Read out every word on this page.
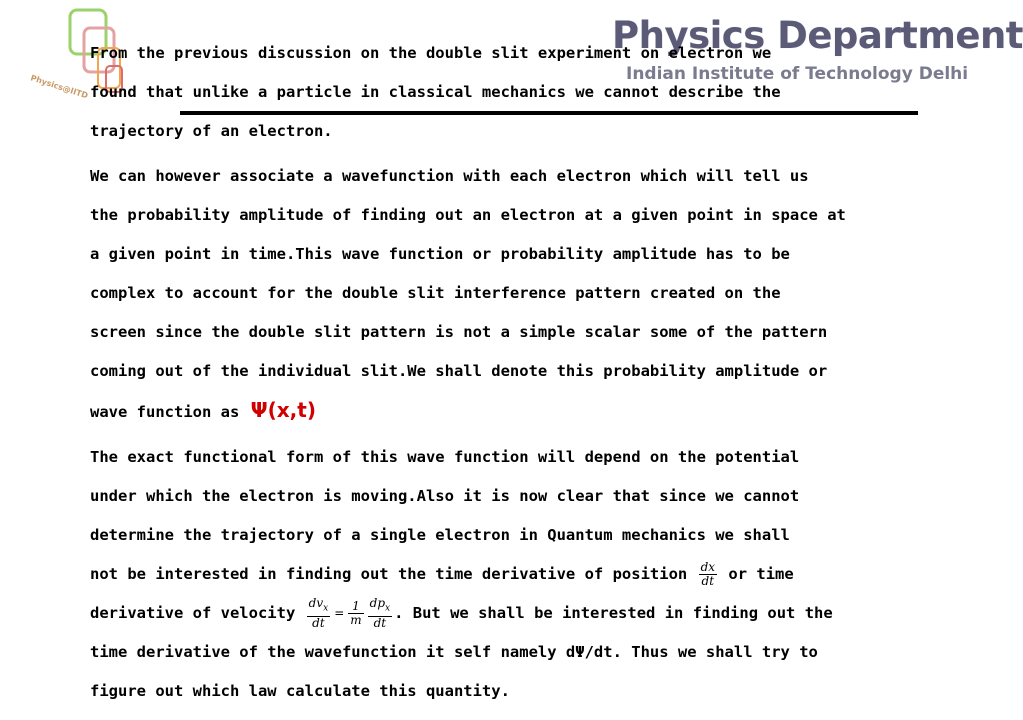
Physics@IITD
Physics Department
Indian Institute of Technology Delhi
From the previous discussion on the double slit experiment on electron we
found that unlike a particle in classical mechanics we cannot describe the
trajectory of an electron.
We can however associate a wavefunction with each electron which will tell us
the probability amplitude of finding out an electron at a given point in space at
a given point in time.This wave function or probability amplitude has to be
complex to account for the double slit interference pattern created on the
screen since the double slit pattern is not a simple scalar some of the pattern
coming out of the individual slit.We shall denote this probability amplitude or
wave function as Ψ(x,t)
The exact functional form of this wave function will depend on the potential
under which the electron is moving.Also it is now clear that since we cannot
determine the trajectory of a single electron in Quantum mechanics we shall
not be interested in finding out the time derivative of position $\frac{dx}{dt}$ or time
derivative of velocity $\frac{dv_x}{dt} = \frac{1}{m} \frac{dp_x}{dt}$ . But we shall be interested in finding out the
time derivative of the wavefunction it self namely dΨ/dt. Thus we shall try to
figure out which law calculate this quantity.
